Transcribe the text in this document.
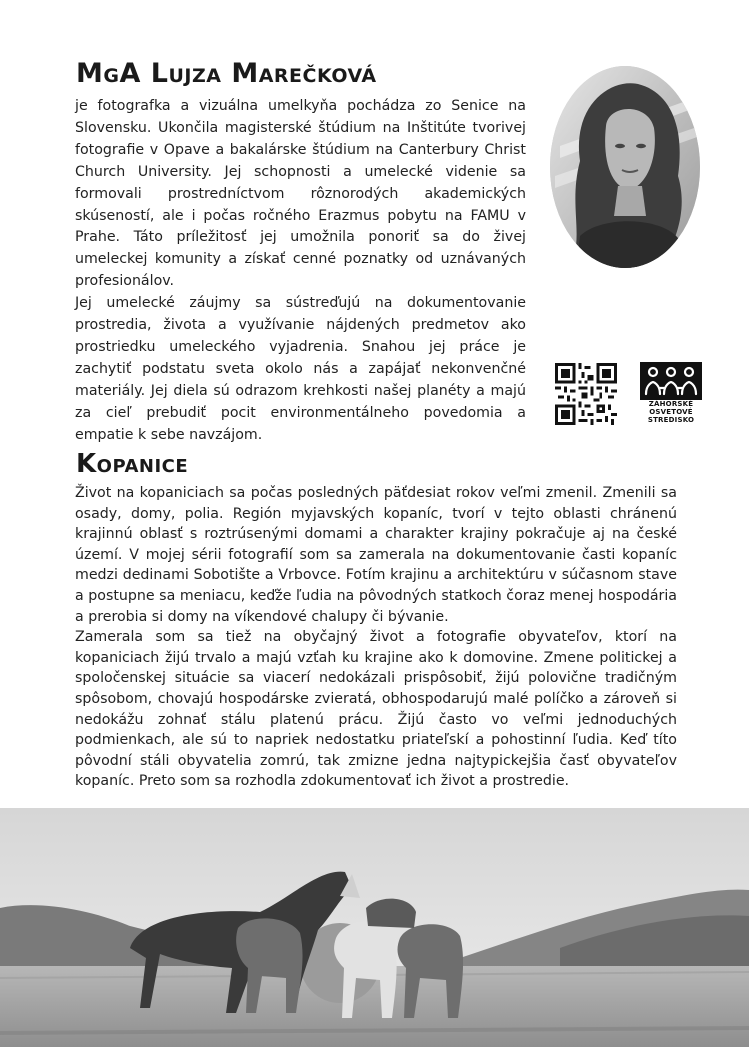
MgA Lujza Marečková

je fotografka a vizuálna umelkyňa pochádza zo Senice na Slovensku. Ukončila magisterské štúdium na Inštitúte tvorivej fotografie v Opave a bakalárske štúdium na Canterbury Christ Church University. Jej schopnosti a umelecké videnie sa formovali prostredníctvom rôznorodých akademických skúseností, ale i počas ročného Erazmus pobytu na FAMU v Prahe. Táto príležitosť jej umožnila ponoriť sa do živej umeleckej komunity a získať cenné poznatky od uznávaných profesionálov.

Jej umelecké záujmy sa sústreďujú na dokumentovanie prostredia, života a využívanie nájdených predmetov ako prostriedku umeleckého vyjadrenia. Snahou jej práce je zachytiť podstatu sveta okolo nás a zapájať nekonvenčné materiály. Jej diela sú odrazom krehkosti našej planéty a majú za cieľ prebudiť pocit environmentálneho povedomia a empatie k sebe navzájom.

ZÁHORSKÉ
OSVETOVÉ
STREDISKO
Kopanice

Život na kopaniciach sa počas posledných päťdesiat rokov veľmi zmenil. Zmenili sa osady, domy, polia. Región myjavských kopaníc, tvorí v tejto oblasti chránenú krajinnú oblasť s roztrúsenými domami a charakter krajiny pokračuje aj na české území. V mojej sérii fotografií som sa zamerala na dokumentovanie časti kopaníc medzi dedinami Sobotište a Vrbovce. Fotím krajinu a architektúru v súčasnom stave a postupne sa meniacu, keďže ľudia na pôvodných statkoch čoraz menej hospodária a prerobia si domy na víkendové chalupy či bývanie.

Zamerala som sa tiež na obyčajný život a fotografie obyvateľov, ktorí na kopaniciach žijú trvalo a majú vzťah ku krajine ako k domovine. Zmene politickej a spoločenskej situácie sa viacerí nedokázali prispôsobiť, žijú polovične tradičným spôsobom, chovajú hospodárske zvieratá, obhospodarujú malé políčko a zároveň si nedokážu zohnať stálu platenú prácu. Žijú často vo veľmi jednoduchých podmienkach, ale sú to napriek nedostatku priateľskí a pohostinní ľudia. Keď títo pôvodní stáli obyvatelia zomrú, tak zmizne jedna najtypickejšia časť obyvateľov kopaníc. Preto som sa rozhodla zdokumentovať ich život a prostredie.
